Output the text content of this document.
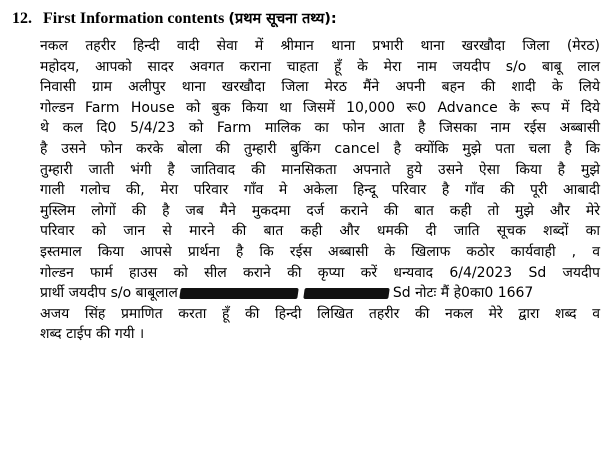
12. First Information contents (प्रथम सूचना तथ्य):
नकल तहरीर हिन्दी वादी सेवा में श्रीमान थाना प्रभारी थाना खरखौदा जिला (मेरठ)
महोदय, आपको सादर अवगत कराना चाहता हूँ के मेरा नाम जयदीप s/o बाबू लाल
निवासी ग्राम अलीपुर थाना खरखौदा जिला मेरठ मैंने अपनी बहन की शादी के लिये
गोल्डन Farm House को बुक किया था जिसमें 10,000 रू0 Advance के रूप में दिये
थे कल दि0 5/4/23 को Farm मालिक का फोन आता है जिसका नाम रईस अब्बासी
है उसने फोन करके बोला की तुम्हारी बुकिंग cancel है क्योंकि मुझे पता चला है कि
तुम्हारी जाती भंगी है जातिवाद की मानसिकता अपनाते हुये उसने ऐसा किया है मुझे
गाली गलोच की, मेरा परिवार गाँव मे अकेला हिन्दू परिवार है गाँव की पूरी आबादी
मुस्लिम लोगों की है जब मैने मुकदमा दर्ज कराने की बात कही तो मुझे और मेरे
परिवार को जान से मारने की बात कही और धमकी दी जाति सूचक शब्दों का
इस्तमाल किया आपसे प्रार्थना है कि रईस अब्बासी के खिलाफ कठोर कार्यवाही , व
गोल्डन फार्म हाउस को सील कराने की कृप्या करें धन्यवाद 6/4/2023 Sd जयदीप
प्रार्थी जयदीप s/o बाबूलाल	Sd नोटः मैं हे0का0 1667
अजय सिंह प्रमाणित करता हूँ की हिन्दी लिखित तहरीर की नकल मेरे द्वारा शब्द व
शब्द टाईप की गयी ।
